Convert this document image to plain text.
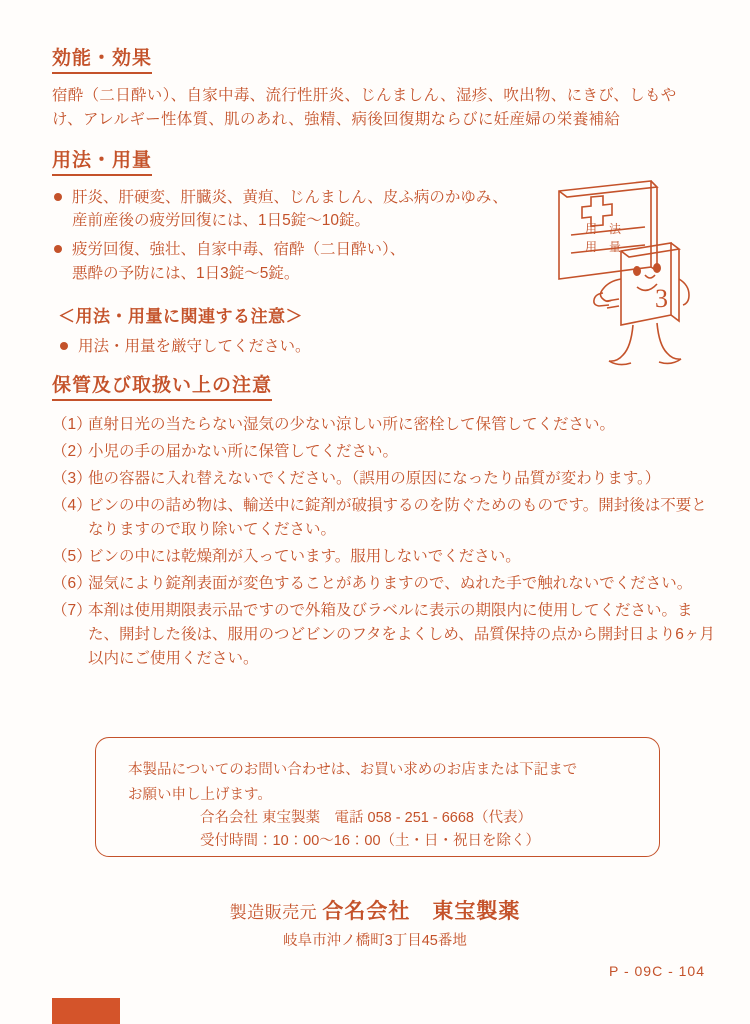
効能・効果
宿酔（二日酔い）、自家中毒、流行性肝炎、じんましん、湿疹、吹出物、にきび、しもやけ、アレルギー性体質、肌のあれ、強精、病後回復期ならびに妊産婦の栄養補給
用法・用量
肝炎、肝硬変、肝臓炎、黄疸、じんましん、皮ふ病のかゆみ、
産前産後の疲労回復には、1日5錠〜10錠。
疲労回復、強壮、自家中毒、宿酔（二日酔い）、
悪酔の予防には、1日3錠〜5錠。
＜用法・用量に関連する注意＞
用法・用量を厳守してください。
保管及び取扱い上の注意
（1）
直射日光の当たらない湿気の少ない涼しい所に密栓して保管してください。
（2）
小児の手の届かない所に保管してください。
（3）
他の容器に入れ替えないでください。（誤用の原因になったり品質が変わります。）
（4）
ビンの中の詰め物は、輸送中に錠剤が破損するのを防ぐためのものです。開封後は不要となりますので取り除いてください。
（5）
ビンの中には乾燥剤が入っています。服用しないでください。
（6）
湿気により錠剤表面が変色することがありますので、ぬれた手で触れないでください。
（7）
本剤は使用期限表示品ですので外箱及びラベルに表示の期限内に使用してください。また、開封した後は、服用のつどビンのフタをよくしめ、品質保持の点から開封日より6ヶ月以内にご使用ください。
用　法
用　量
3
本製品についてのお問い合わせは、お買い求めのお店または下記まで
お願い申し上げます。
合名会社 東宝製薬　電話 058 - 251 - 6668（代表）
受付時間：10：00〜16：00（土・日・祝日を除く）
製造販売元 合名会社　東宝製薬
岐阜市沖ノ橋町3丁目45番地
P - 09C - 104
